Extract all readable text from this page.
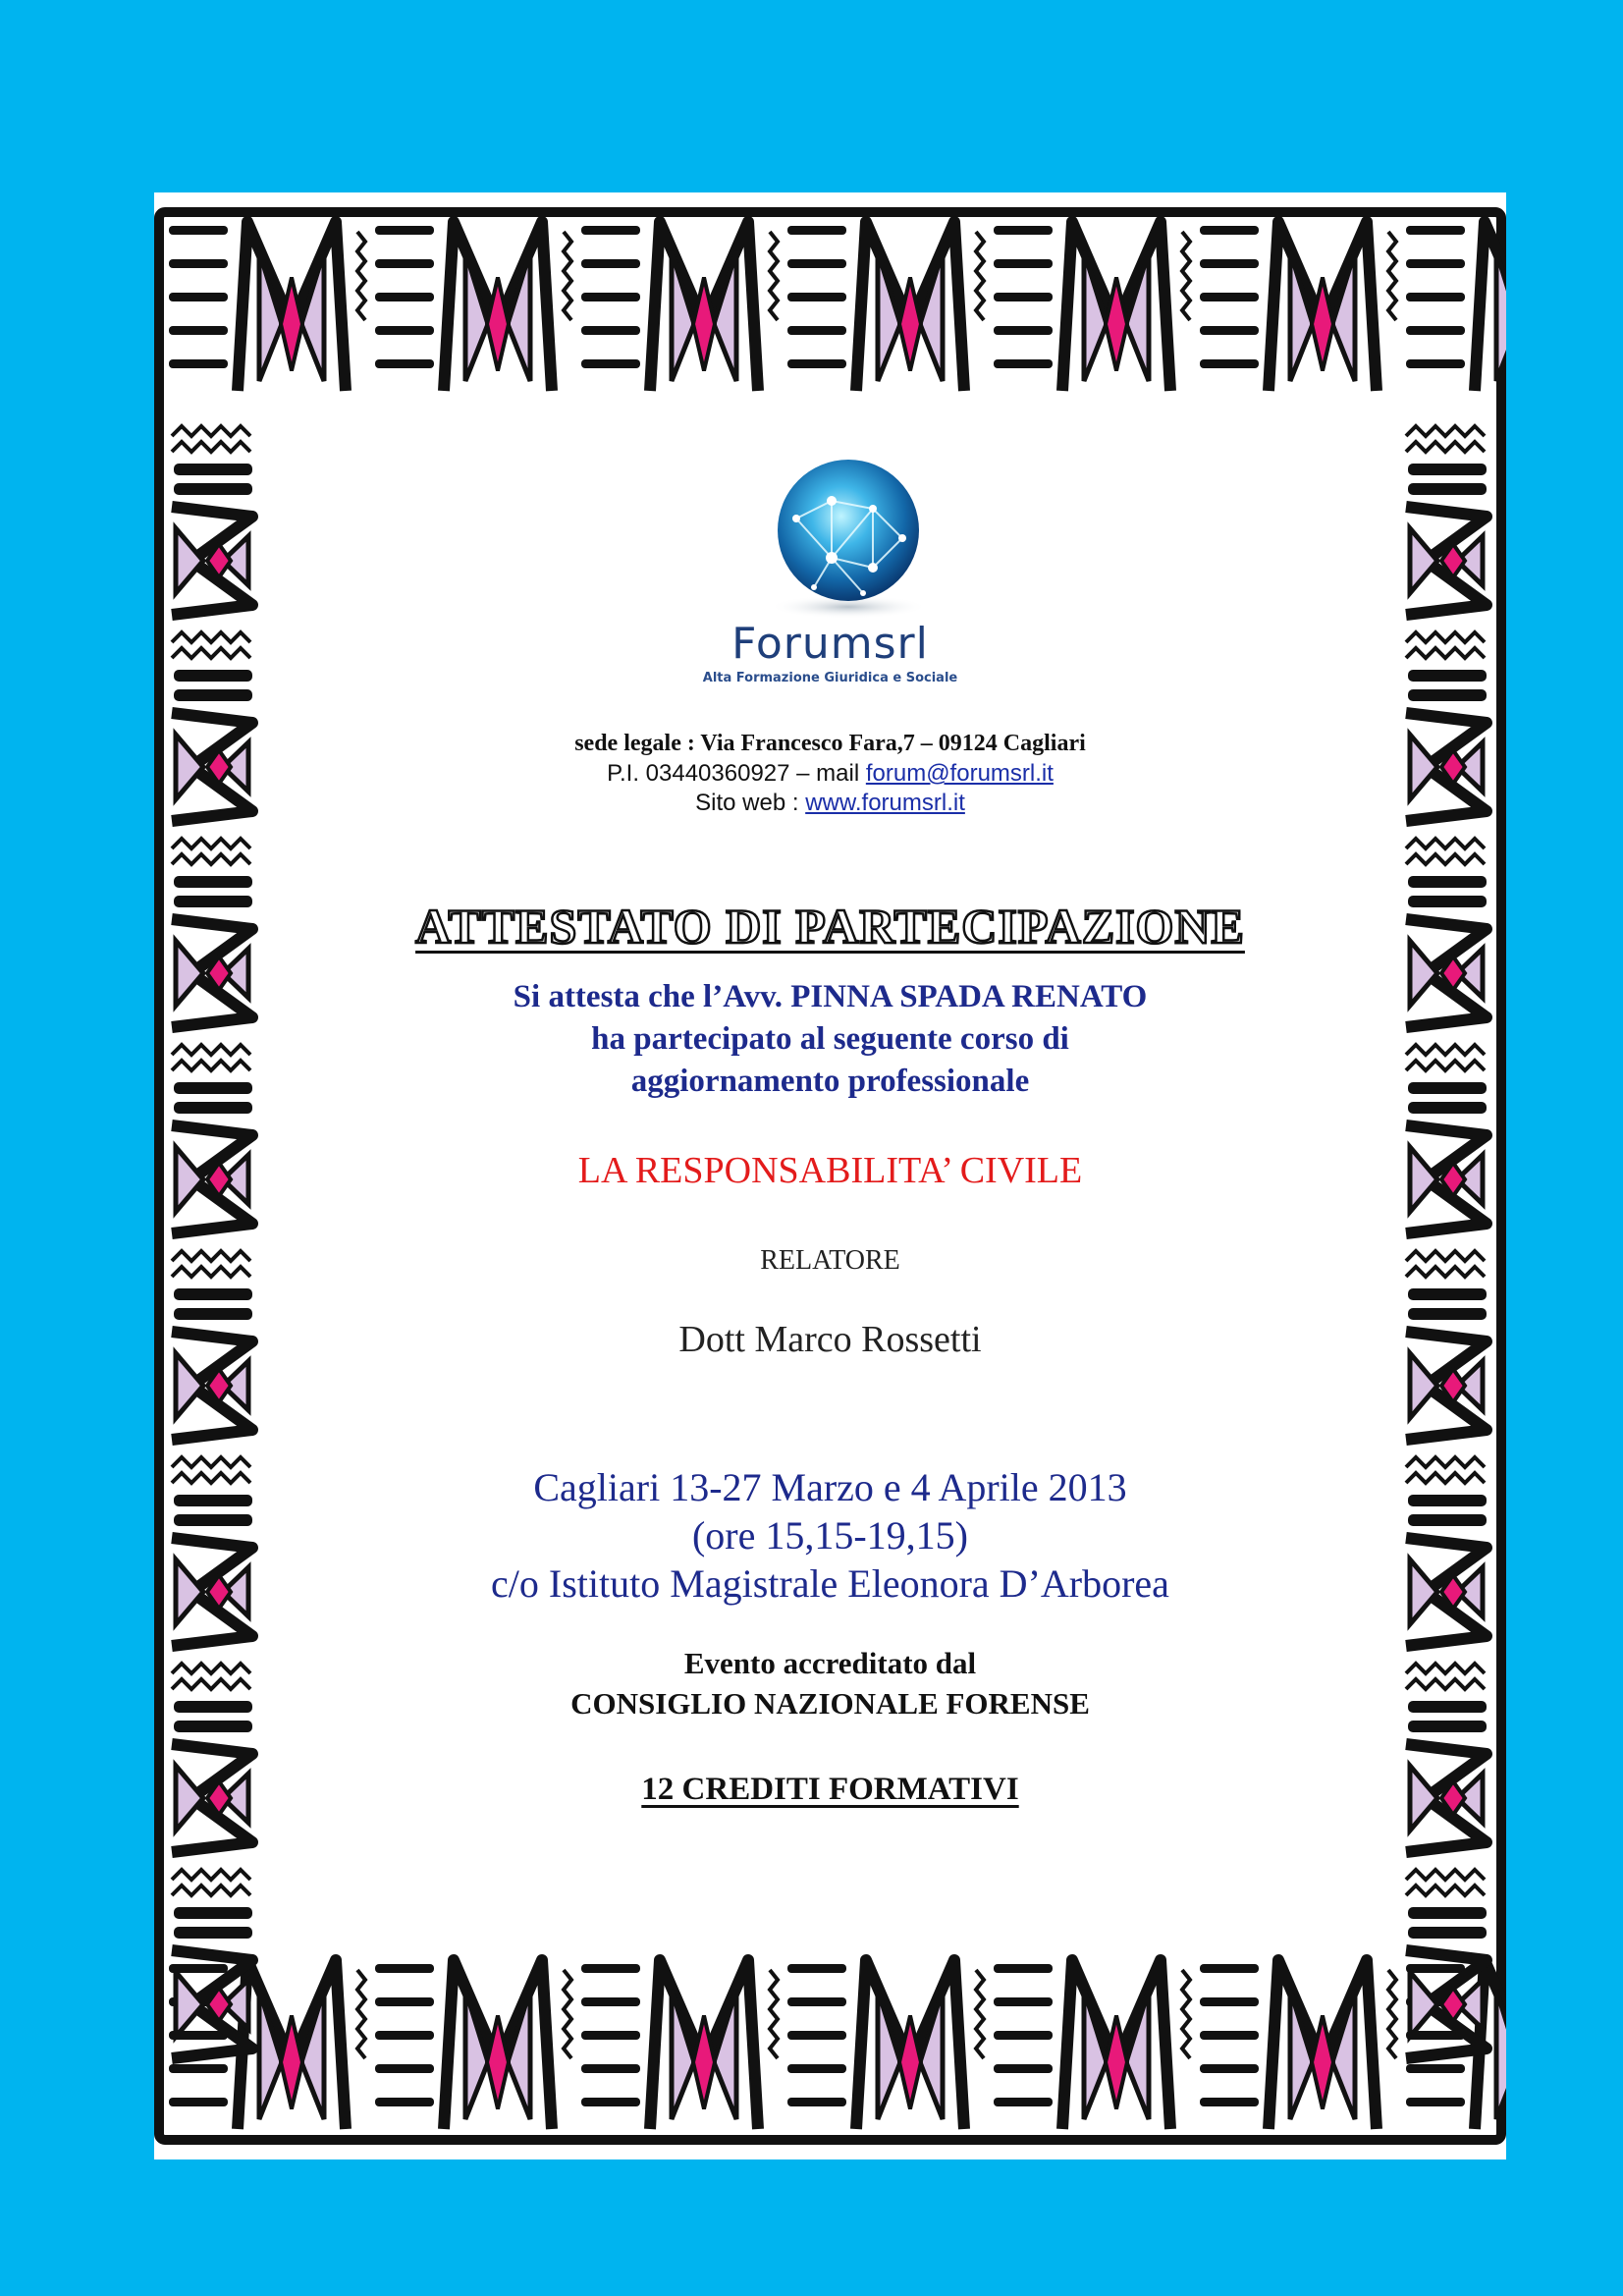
Forumsrl
Alta Formazione Giuridica e Sociale
sede legale : Via Francesco Fara,7 – 09124 Cagliari
P.I. 03440360927 – mail forum@forumsrl.it
Sito web : www.forumsrl.it
ATTESTATO DI PARTECIPAZIONE
Si attesta che l’Avv. PINNA SPADA RENATO
ha partecipato al seguente corso di
aggiornamento professionale
LA RESPONSABILITA’ CIVILE
RELATORE
Dott Marco Rossetti
Cagliari 13-27 Marzo e 4 Aprile 2013
(ore 15,15-19,15)
c/o Istituto Magistrale Eleonora D’Arborea
Evento accreditato dal
CONSIGLIO NAZIONALE FORENSE
12 CREDITI FORMATIVI
